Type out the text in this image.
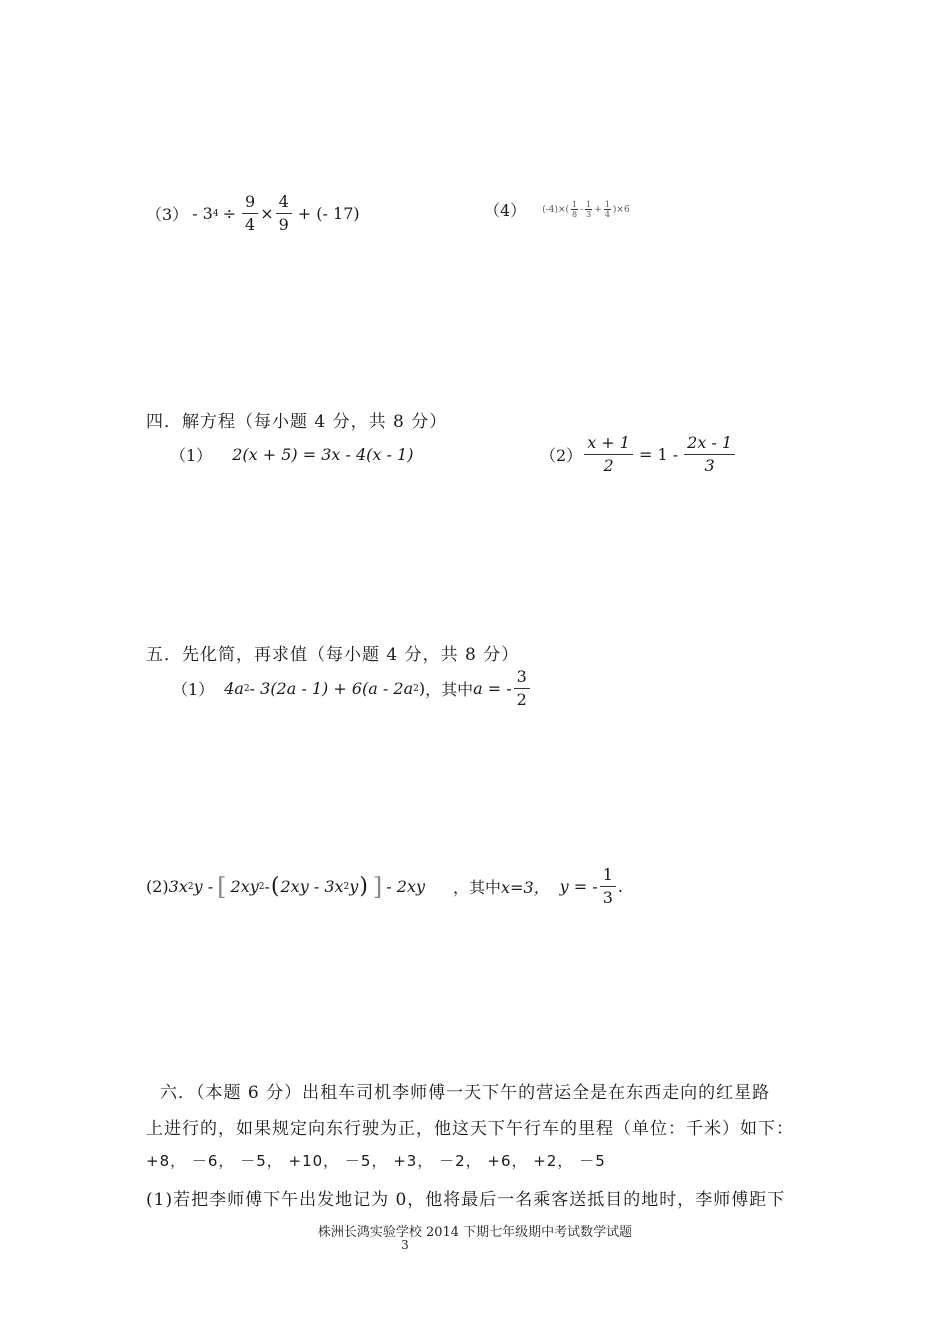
（3） - 3 $4 \div \frac{9}{4} \times \frac{4}{9}$ + (- 17)	（4） $(-4)\times( \frac{1}{8} - \frac{1}{3} + \frac{1}{4} )\times 6$
四．解方程（每小题 4 分，共 8 分）
（1） 2(x + 5) = 3x - 4(x - 1)	$(2) \frac{x + 1}{2} = 1 - \frac{2x - 1}{3}$
五．先化简，再求值（每小题 4 分，共 8 分）
（1） 4a 2 - 3(2a - 1) + 6(a - 2a 2 ) ，其中 a = - $\frac{3}{2}$
(2) 3x 2 y - [ 2xy 2 - ( 2xy - 3x 2 y ) ] - 2xy ，其中 x=3， y = - $\frac{1}{3}$ .
六．（本题 6 分）出租车司机李师傅一天下午的营运全是在东西走向的红星路
上进行的，如果规定向东行驶为正，他这天下午行车的里程（单位：千米）如下：
+8， －6， －5， +10， －5， +3， －2， +6， +2， －5
(1)若把李师傅下午出发地记为 0，他将最后一名乘客送抵目的地时，李师傅距下
株洲长鸿实验学校 2014 下期七年级期中考试数学试题
3
